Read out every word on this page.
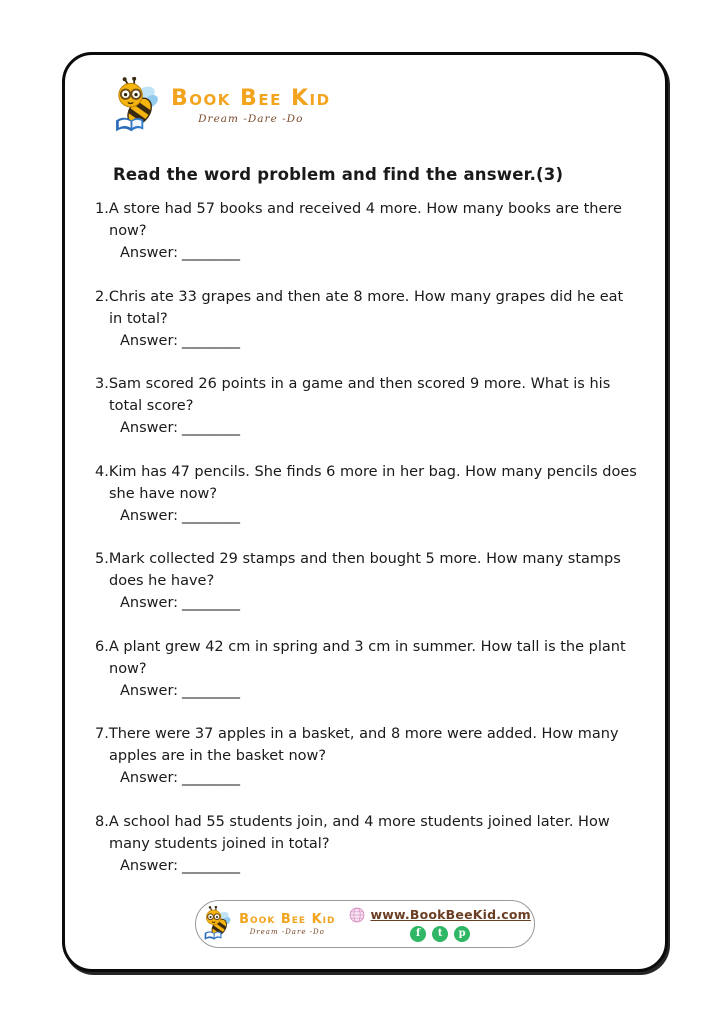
Book Bee Kid
Dream -Dare -Do
Read the word problem and find the answer.(3)
1.A store had 57 books and received 4 more. How many books are there
now?
Answer: ________
2.Chris ate 33 grapes and then ate 8 more. How many grapes did he eat
in total?
Answer: ________
3.Sam scored 26 points in a game and then scored 9 more. What is his
total score?
Answer: ________
4.Kim has 47 pencils. She finds 6 more in her bag. How many pencils does
she have now?
Answer: ________
5.Mark collected 29 stamps and then bought 5 more. How many stamps
does he have?
Answer: ________
6.A plant grew 42 cm in spring and 3 cm in summer. How tall is the plant
now?
Answer: ________
7.There were 37 apples in a basket, and 8 more were added. How many
apples are in the basket now?
Answer: ________
8.A school had 55 students join, and 4 more students joined later. How
many students joined in total?
Answer: ________
Book Bee Kid
Dream -Dare -Do
www.BookBeeKid.com
f	t	p
